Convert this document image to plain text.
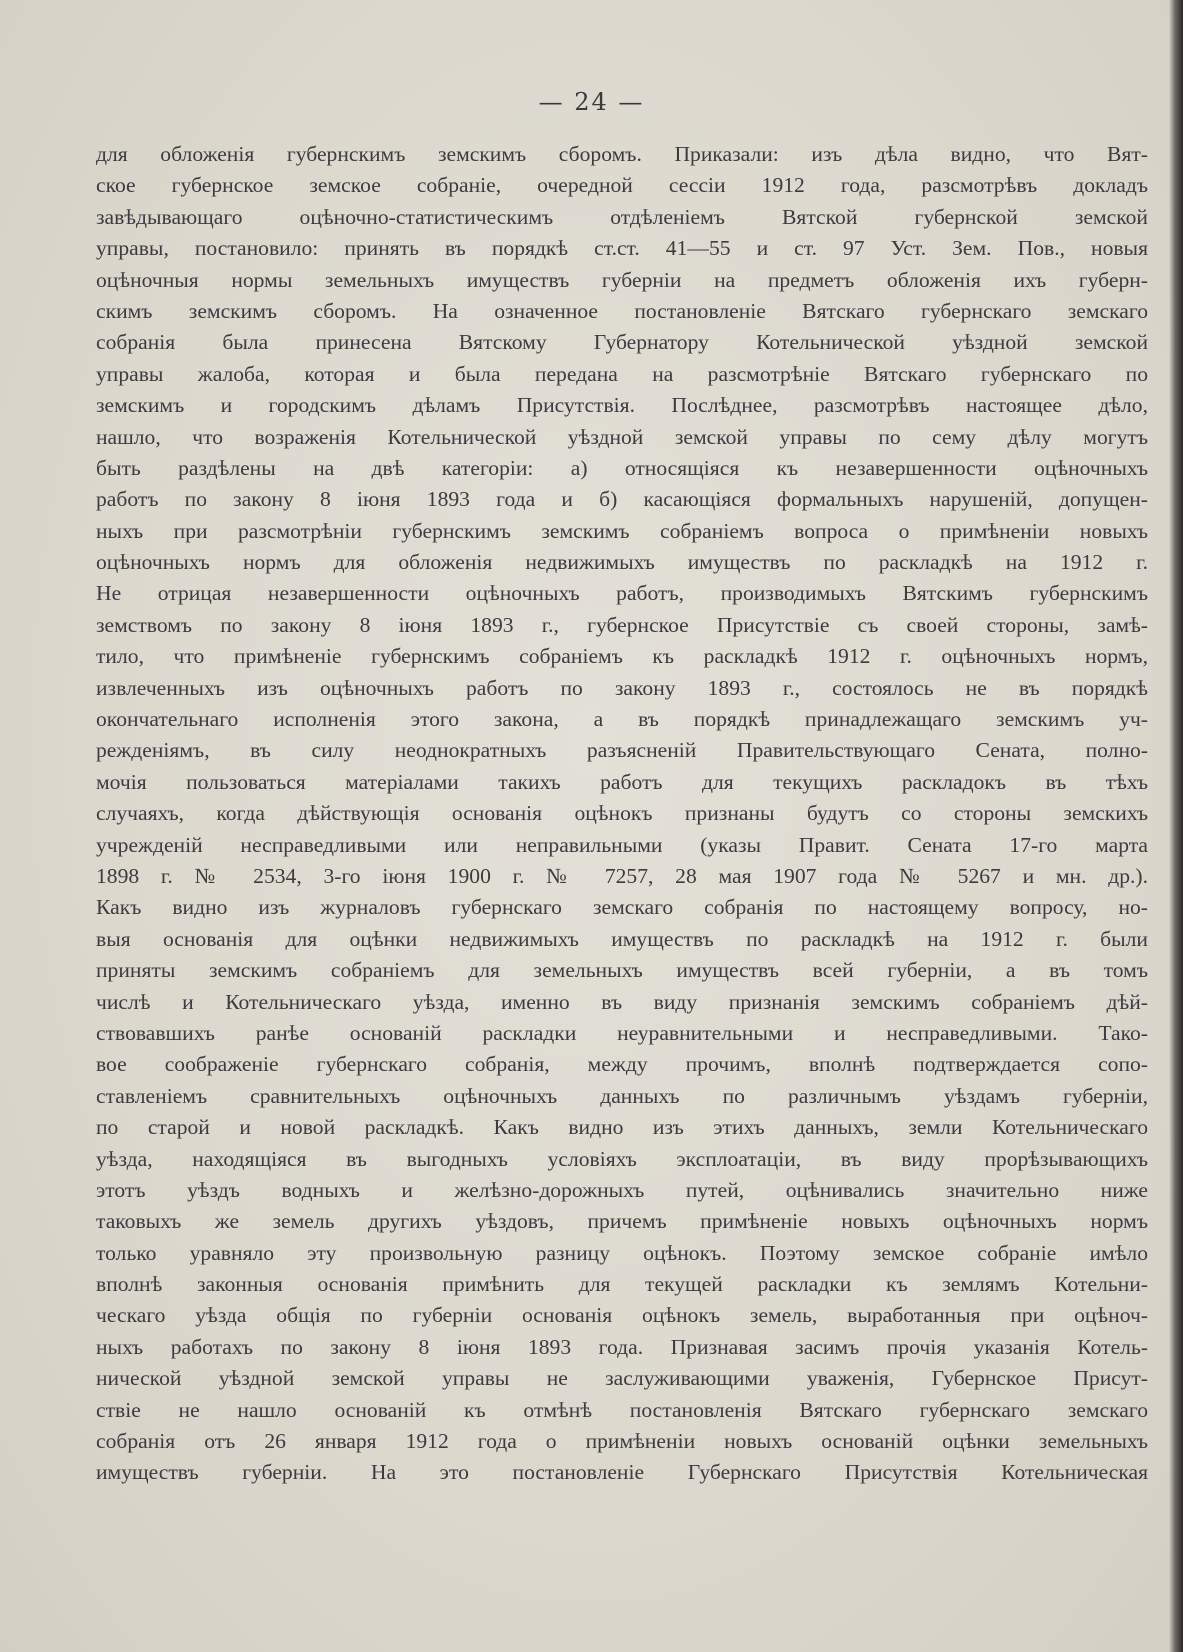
— 24 —
для обложенія губернскимъ земскимъ сборомъ. Приказали: изъ дѣла видно, что Вят-
ское губернское земское собраніе, очередной сессіи 1912 года, разсмотрѣвъ докладъ
завѣдывающаго оцѣночно-статистическимъ отдѣленіемъ Вятской губернской земской
управы, постановило: принять въ порядкѣ ст.ст. 41—55 и ст. 97 Уст. Зем. Пов., новыя
оцѣночныя нормы земельныхъ имуществъ губерніи на предметъ обложенія ихъ губерн-
скимъ земскимъ сборомъ. На означенное постановленіе Вятскаго губернскаго земскаго
собранія была принесена Вятскому Губернатору Котельнической уѣздной земской
управы жалоба, которая и была передана на разсмотрѣніе Вятскаго губернскаго по
земскимъ и городскимъ дѣламъ Присутствія. Послѣднее, разсмотрѣвъ настоящее дѣло,
нашло, что возраженія Котельнической уѣздной земской управы по сему дѣлу могутъ
быть раздѣлены на двѣ категоріи: а) относящіяся къ незавершенности оцѣночныхъ
работъ по закону 8 іюня 1893 года и б) касающіяся формальныхъ нарушеній, допущен-
ныхъ при разсмотрѣніи губернскимъ земскимъ собраніемъ вопроса о примѣненіи новыхъ
оцѣночныхъ нормъ для обложенія недвижимыхъ имуществъ по раскладкѣ на 1912 г.
Не отрицая незавершенности оцѣночныхъ работъ, производимыхъ Вятскимъ губернскимъ
земствомъ по закону 8 іюня 1893 г., губернское Присутствіе съ своей стороны, замѣ-
тило, что примѣненіе губернскимъ собраніемъ къ раскладкѣ 1912 г. оцѣночныхъ нормъ,
извлеченныхъ изъ оцѣночныхъ работъ по закону 1893 г., состоялось не въ порядкѣ
окончательнаго исполненія этого закона, а въ порядкѣ принадлежащаго земскимъ уч-
режденіямъ, въ силу неоднократныхъ разъясненій Правительствующаго Сената, полно-
мочія пользоваться матеріалами такихъ работъ для текущихъ раскладокъ въ тѣхъ
случаяхъ, когда дѣйствующія основанія оцѣнокъ признаны будутъ со стороны земскихъ
учрежденій несправедливыми или неправильными (указы Правит. Сената 17-го марта
1898 г. № 2534, 3-го іюня 1900 г. № 7257, 28 мая 1907 года № 5267 и мн. др.).
Какъ видно изъ журналовъ губернскаго земскаго собранія по настоящему вопросу, но-
выя основанія для оцѣнки недвижимыхъ имуществъ по раскладкѣ на 1912 г. были
приняты земскимъ собраніемъ для земельныхъ имуществъ всей губерніи, а въ томъ
числѣ и Котельническаго уѣзда, именно въ виду признанія земскимъ собраніемъ дѣй-
ствовавшихъ ранѣе основаній раскладки неуравнительными и несправедливыми. Тако-
вое соображеніе губернскаго собранія, между прочимъ, вполнѣ подтверждается сопо-
ставленіемъ сравнительныхъ оцѣночныхъ данныхъ по различнымъ уѣздамъ губерніи,
по старой и новой раскладкѣ. Какъ видно изъ этихъ данныхъ, земли Котельническаго
уѣзда, находящіяся въ выгодныхъ условіяхъ эксплоатаціи, въ виду прорѣзывающихъ
этотъ уѣздъ водныхъ и желѣзно-дорожныхъ путей, оцѣнивались значительно ниже
таковыхъ же земель другихъ уѣздовъ, причемъ примѣненіе новыхъ оцѣночныхъ нормъ
только уравняло эту произвольную разницу оцѣнокъ. Поэтому земское собраніе имѣло
вполнѣ законныя основанія примѣнить для текущей раскладки къ землямъ Котельни-
ческаго уѣзда общія по губерніи основанія оцѣнокъ земель, выработанныя при оцѣноч-
ныхъ работахъ по закону 8 іюня 1893 года. Признавая засимъ прочія указанія Котель-
нической уѣздной земской управы не заслуживающими уваженія, Губернское Присут-
ствіе не нашло основаній къ отмѣнѣ постановленія Вятскаго губернскаго земскаго
собранія отъ 26 января 1912 года о примѣненіи новыхъ основаній оцѣнки земельныхъ
имуществъ губерніи. На это постановленіе Губернскаго Присутствія Котельническая
